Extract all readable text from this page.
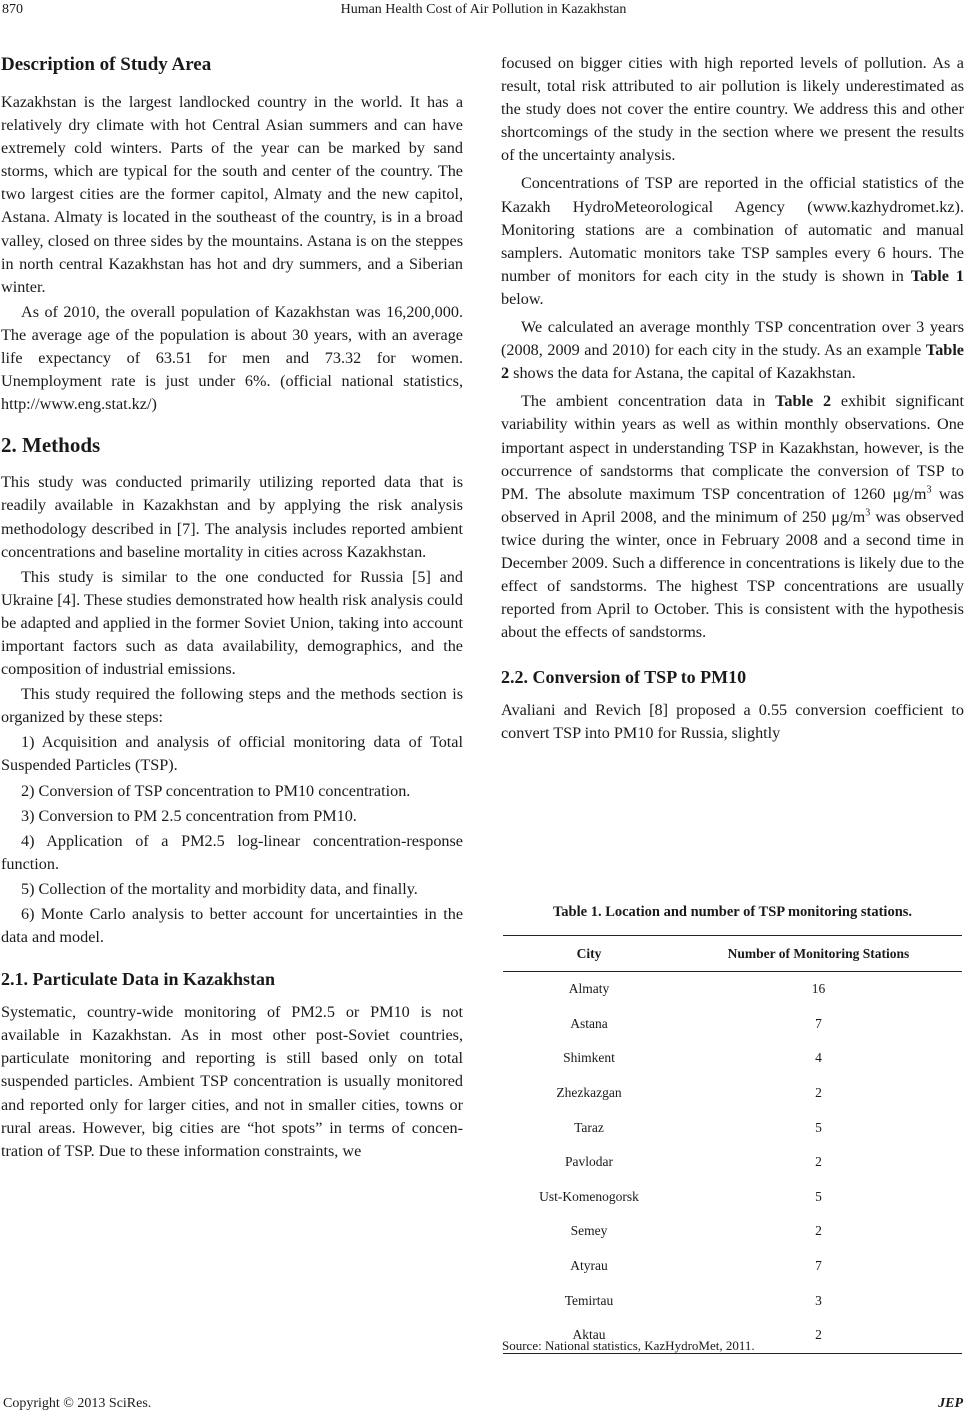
870	Human Health Cost of Air Pollution in Kazakhstan
Description of Study Area

Kazakhstan is the largest landlocked country in the world. It has a relatively dry climate with hot Central Asian summers and can have extremely cold winters. Parts of the year can be marked by sand storms, which are typical for the south and center of the country. The two largest cities are the former capitol, Almaty and the new capitol, Astana. Almaty is located in the southeast of the country, is in a broad valley, closed on three sides by the mountains. Astana is on the steppes in north central Kazakhstan has hot and dry summers, and a Siberian winter.

As of 2010, the overall population of Kazakhstan was 16,200,000. The average age of the population is about 30 years, with an average life expectancy of 63.51 for men and 73.32 for women. Unemployment rate is just under 6%. (official national statistics, http://www.eng.stat.kz/)

2. Methods

This study was conducted primarily utilizing reported data that is readily available in Kazakhstan and by applying the risk analysis methodology described in [7]. The analysis includes reported ambient concentrations and baseline mortality in cities across Kazakhstan.

This study is similar to the one conducted for Russia [5] and Ukraine [4]. These studies demonstrated how health risk analysis could be adapted and applied in the former Soviet Union, taking into account important factors such as data availability, demographics, and the composition of industrial emissions.

This study required the following steps and the methods section is organized by these steps:

1) Acquisition and analysis of official monitoring data of Total Suspended Particles (TSP).

2) Conversion of TSP concentration to PM10 concentration.

3) Conversion to PM 2.5 concentration from PM10.

4) Application of a PM2.5 log-linear concentration-response function.

5) Collection of the mortality and morbidity data, and finally.

6) Monte Carlo analysis to better account for uncertainties in the data and model.

2.1. Particulate Data in Kazakhstan

Systematic, country-wide monitoring of PM2.5 or PM10 is not available in Kazakhstan. As in most other post-Soviet countries, particulate monitoring and reporting is still based only on total suspended particles. Ambient TSP concentration is usually monitored and reported only for larger cities, and not in smaller cities, towns or rural areas. However, big cities are “hot spots” in terms of concentration of TSP. Due to these information constraints, we

focused on bigger cities with high reported levels of pollution. As a result, total risk attributed to air pollution is likely underestimated as the study does not cover the entire country. We address this and other shortcomings of the study in the section where we present the results of the uncertainty analysis.

Concentrations of TSP are reported in the official statistics of the Kazakh HydroMeteorological Agency (www.kazhydromet.kz). Monitoring stations are a combination of automatic and manual samplers. Automatic monitors take TSP samples every 6 hours. The number of monitors for each city in the study is shown in Table 1 below.

We calculated an average monthly TSP concentration over 3 years (2008, 2009 and 2010) for each city in the study. As an example Table 2 shows the data for Astana, the capital of Kazakhstan.

The ambient concentration data in Table 2 exhibit significant variability within years as well as within monthly observations. One important aspect in understanding TSP in Kazakhstan, however, is the occurrence of sandstorms that complicate the conversion of TSP to PM. The absolute maximum TSP concentration of 1260 $\mu g/m^3$ was observed in April 2008, and the minimum of 250 $\mu g/m^3$ was observed twice during the winter, once in February 2008 and a second time in December 2009. Such a difference in concentrations is likely due to the effect of sandstorms. The highest TSP concentrations are usually reported from April to October. This is consistent with the hypothesis about the effects of sandstorms.

2.2. Conversion of TSP to PM10

Avaliani and Revich [8] proposed a 0.55 conversion coefficient to convert TSP into PM10 for Russia, slightly

Table 1. Location and number of TSP monitoring stations.
City	Number of Monitoring Stations
Almaty	16
Astana	7
Shimkent	4
Zhezkazgan	2
Taraz	5
Pavlodar	2
Ust-Komenogorsk	5
Semey	2
Atyrau	7
Temirtau	3
Aktau	2
Source: National statistics, KazHydroMet, 2011.
Copyright © 2013 SciRes.	JEP
